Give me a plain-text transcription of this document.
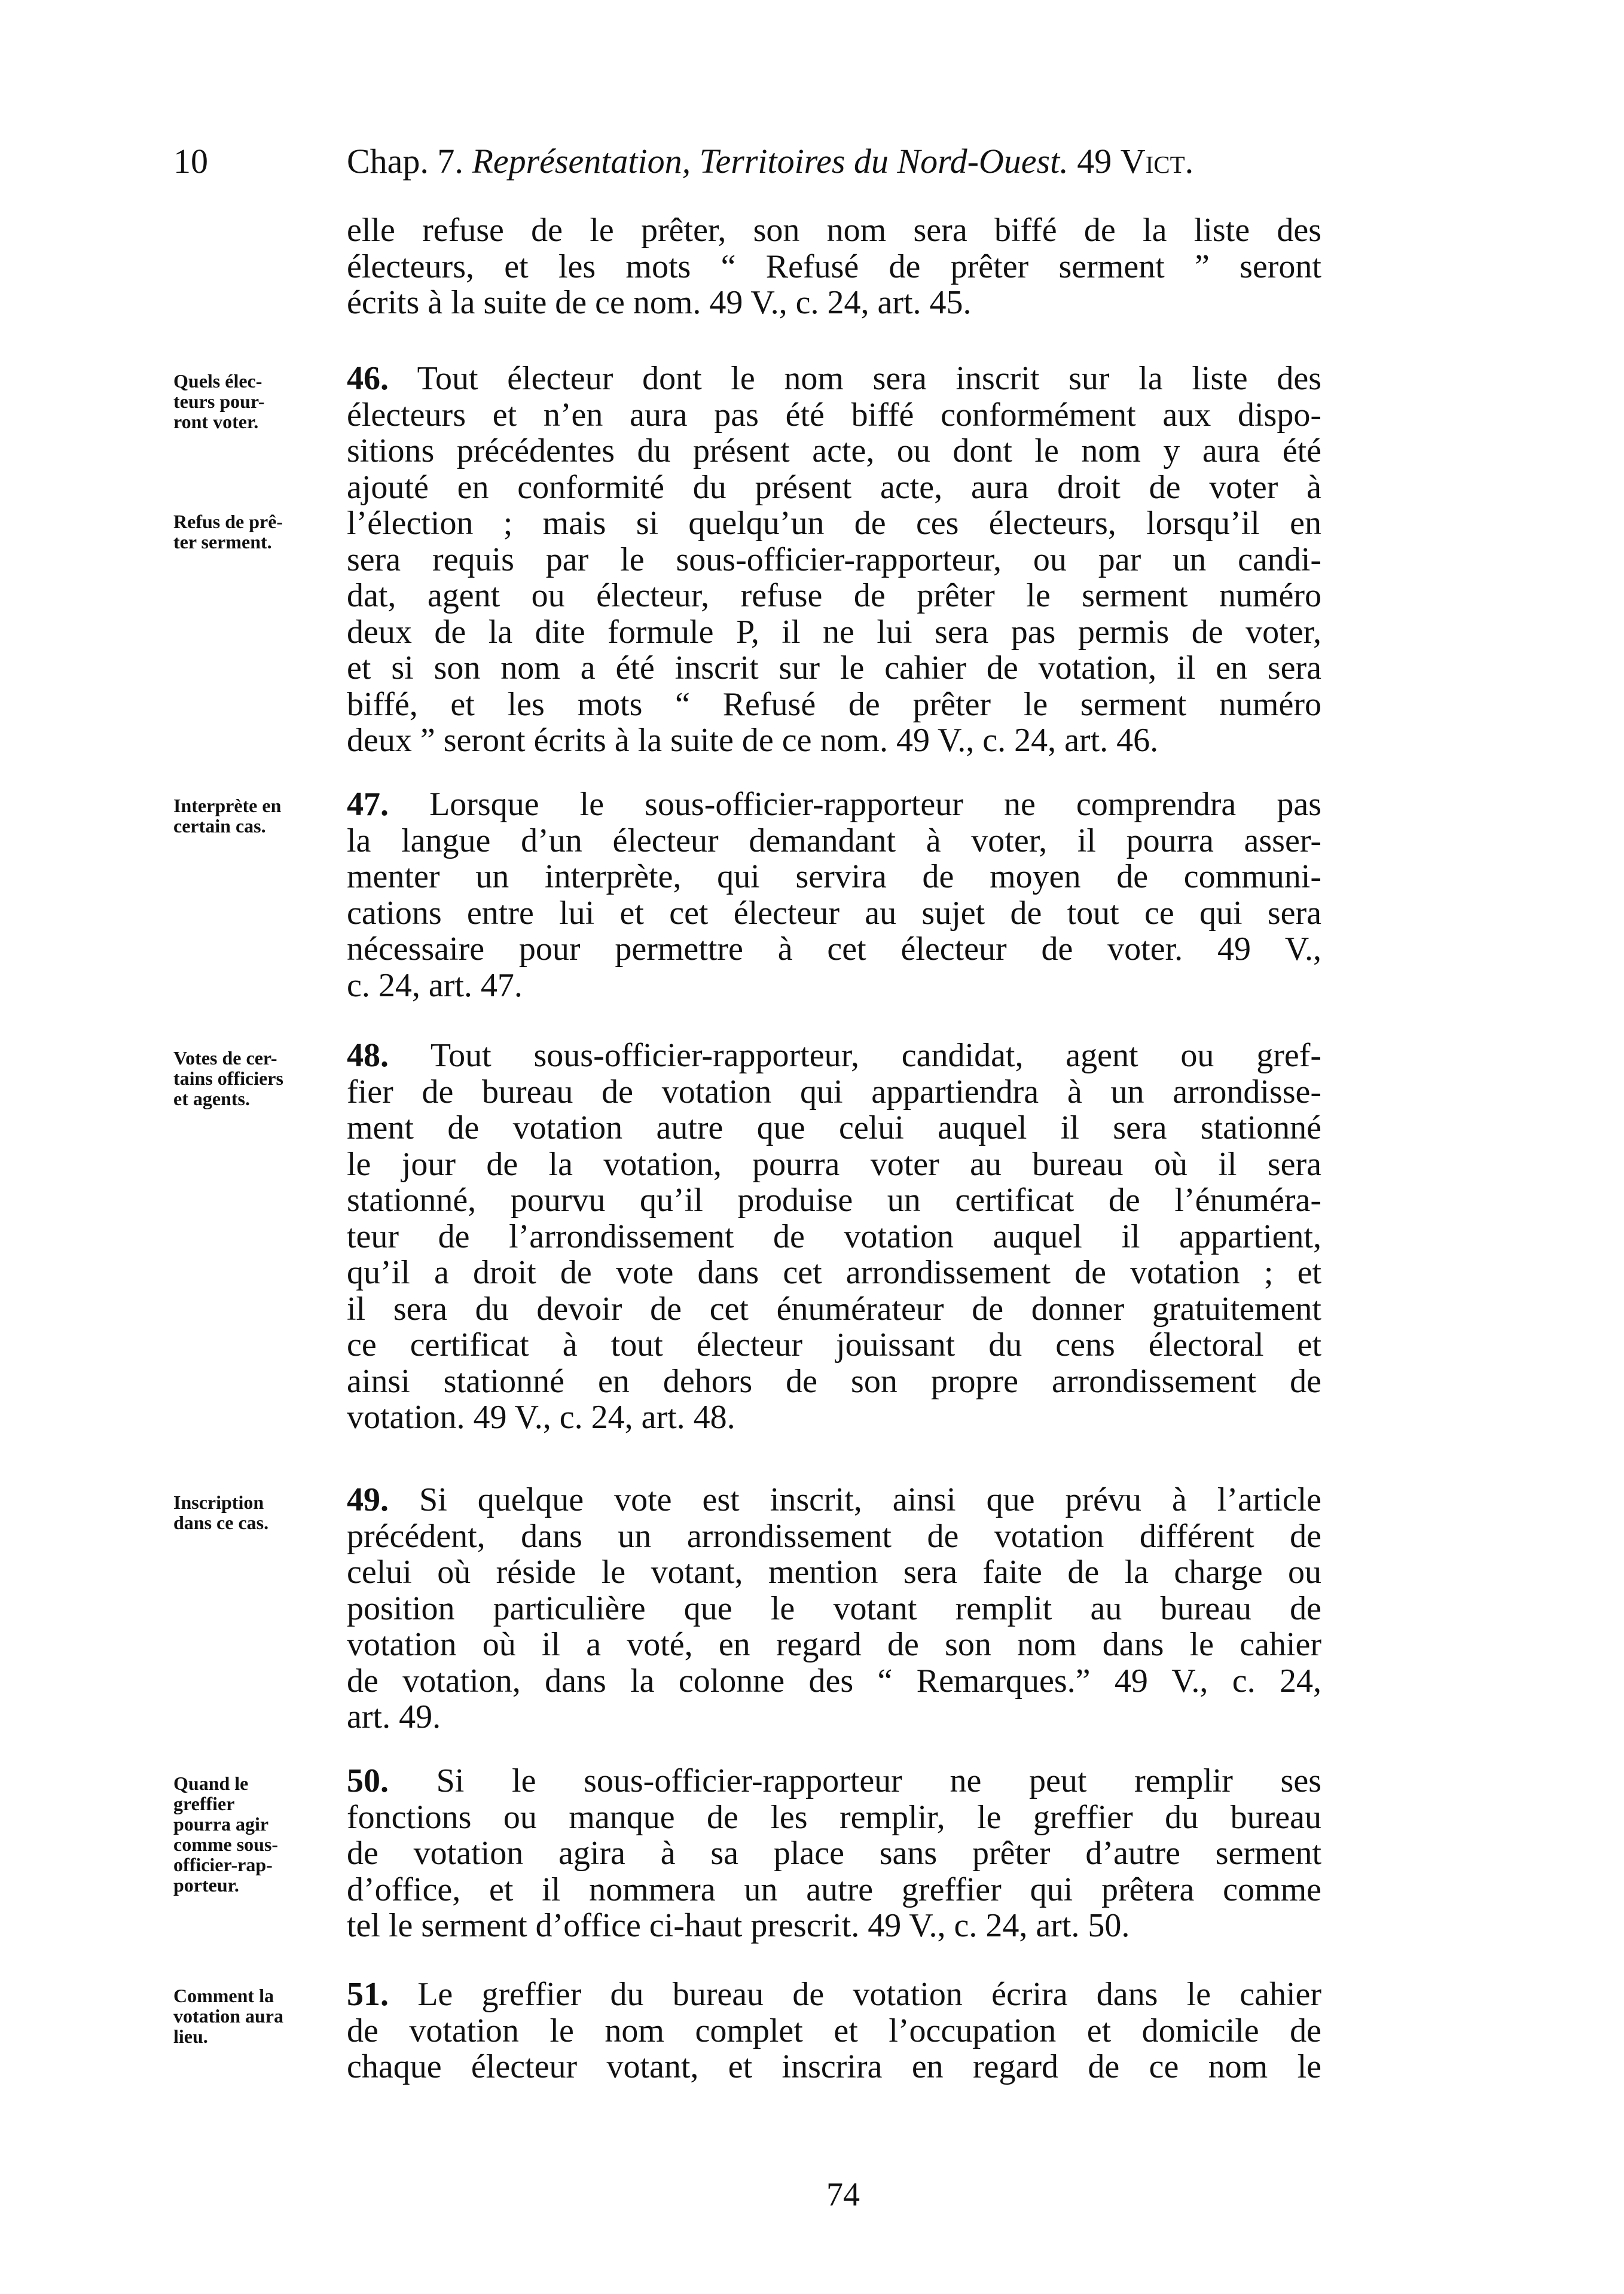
10	Chap. 7. Représentation, Territoires du Nord-Ouest. 49 Vict.
elle refuse de le prêter, son nom sera biffé de la liste des
électeurs, et les mots “ Refusé de prêter serment ” seront
écrits à la suite de ce nom. 49 V., c. 24, art. 45.
Quels élec-
teurs pour-
ront voter.
Refus de prê-
ter serment.
46. Tout électeur dont le nom sera inscrit sur la liste des
électeurs et n’en aura pas été biffé conformément aux dispo-
sitions précédentes du présent acte, ou dont le nom y aura été
ajouté en conformité du présent acte, aura droit de voter à
l’élection ; mais si quelqu’un de ces électeurs, lorsqu’il en
sera requis par le sous-officier-rapporteur, ou par un candi-
dat, agent ou électeur, refuse de prêter le serment numéro
deux de la dite formule P, il ne lui sera pas permis de voter,
et si son nom a été inscrit sur le cahier de votation, il en sera
biffé, et les mots “ Refusé de prêter le serment numéro
deux ” seront écrits à la suite de ce nom. 49 V., c. 24, art. 46.
Interprète en
certain cas.
47. Lorsque le sous-officier-rapporteur ne comprendra pas
la langue d’un électeur demandant à voter, il pourra asser-
menter un interprète, qui servira de moyen de communi-
cations entre lui et cet électeur au sujet de tout ce qui sera
nécessaire pour permettre à cet électeur de voter. 49 V.,
c. 24, art. 47.
Votes de cer-
tains officiers
et agents.
48. Tout sous-officier-rapporteur, candidat, agent ou gref-
fier de bureau de votation qui appartiendra à un arrondisse-
ment de votation autre que celui auquel il sera stationné
le jour de la votation, pourra voter au bureau où il sera
stationné, pourvu qu’il produise un certificat de l’énuméra-
teur de l’arrondissement de votation auquel il appartient,
qu’il a droit de vote dans cet arrondissement de votation ; et
il sera du devoir de cet énumérateur de donner gratuitement
ce certificat à tout électeur jouissant du cens électoral et
ainsi stationné en dehors de son propre arrondissement de
votation. 49 V., c. 24, art. 48.
Inscription
dans ce cas.
49. Si quelque vote est inscrit, ainsi que prévu à l’article
précédent, dans un arrondissement de votation différent de
celui où réside le votant, mention sera faite de la charge ou
position particulière que le votant remplit au bureau de
votation où il a voté, en regard de son nom dans le cahier
de votation, dans la colonne des “ Remarques.” 49 V., c. 24,
art. 49.
Quand le
greffier
pourra agir
comme sous-
officier-rap-
porteur.
50. Si le sous-officier-rapporteur ne peut remplir ses
fonctions ou manque de les remplir, le greffier du bureau
de votation agira à sa place sans prêter d’autre serment
d’office, et il nommera un autre greffier qui prêtera comme
tel le serment d’office ci-haut prescrit. 49 V., c. 24, art. 50.
Comment la
votation aura
lieu.
51. Le greffier du bureau de votation écrira dans le cahier
de votation le nom complet et l’occupation et domicile de
chaque électeur votant, et inscrira en regard de ce nom le
74
